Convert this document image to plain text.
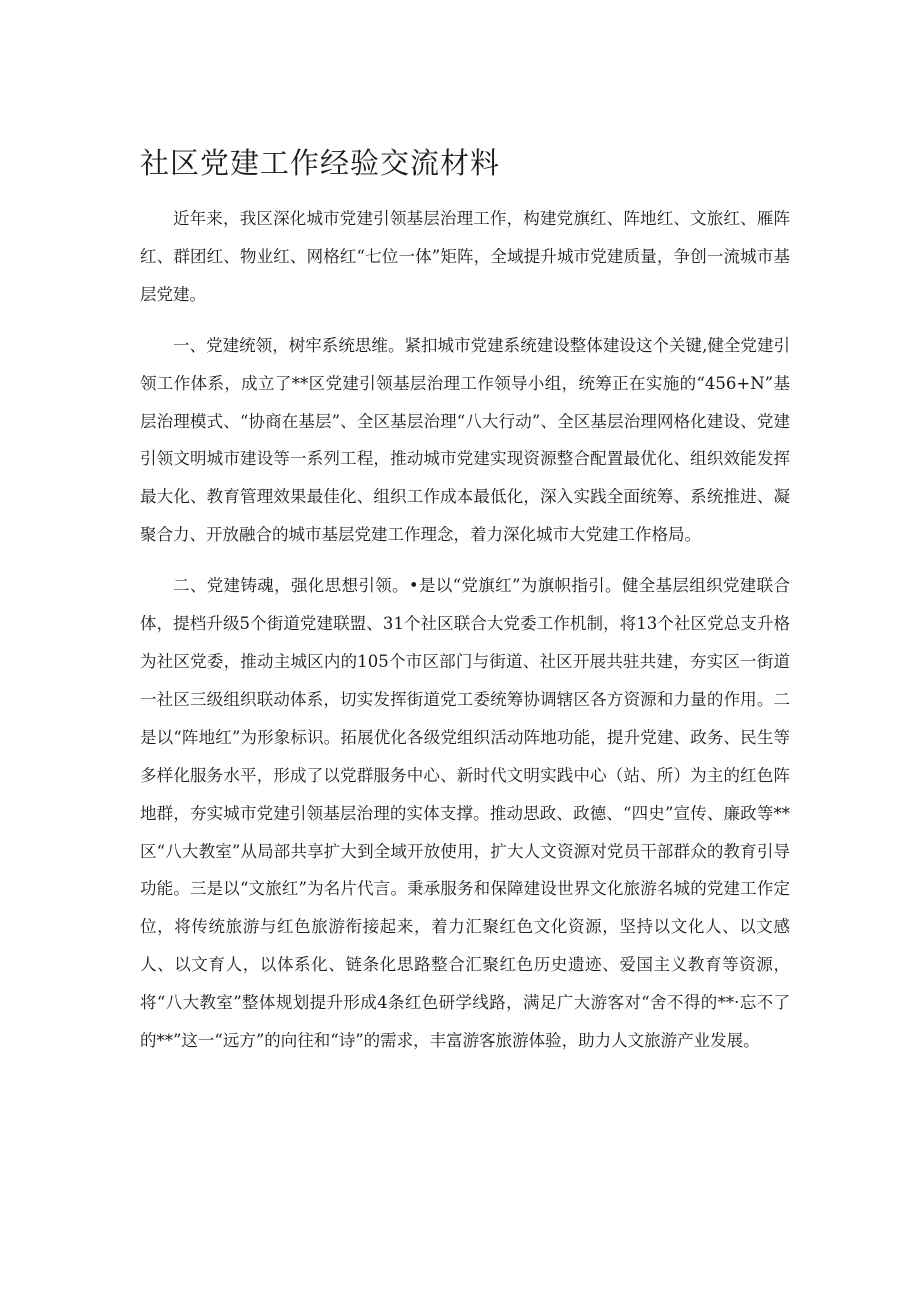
社区党建工作经验交流材料

近年来，我区深化城市党建引领基层治理工作，构建党旗红、阵地红、文旅红、雁阵红、群团红、物业红、网格红“七位一体”矩阵，全域提升城市党建质量，争创一流城市基层党建。

一、党建统领，树牢系统思维。紧扣城市党建系统建设整体建设这个关键,健全党建引领工作体系，成立了**区党建引领基层治理工作领导小组，统筹正在实施的“456+N”基层治理模式、“协商在基层”、全区基层治理“八大行动”、全区基层治理网格化建设、党建引领文明城市建设等一系列工程，推动城市党建实现资源整合配置最优化、组织效能发挥最大化、教育管理效果最佳化、组织工作成本最低化，深入实践全面统筹、系统推进、凝聚合力、开放融合的城市基层党建工作理念，着力深化城市大党建工作格局。

二、党建铸魂，强化思想引领。•是以“党旗红”为旗帜指引。健全基层组织党建联合体，提档升级5个街道党建联盟、31个社区联合大党委工作机制，将13个社区党总支升格为社区党委，推动主城区内的105个市区部门与街道、社区开展共驻共建，夯实区一街道一社区三级组织联动体系，切实发挥街道党工委统筹协调辖区各方资源和力量的作用。二是以“阵地红”为形象标识。拓展优化各级党组织活动阵地功能，提升党建、政务、民生等多样化服务水平，形成了以党群服务中心、新时代文明实践中心（站、所）为主的红色阵地群，夯实城市党建引领基层治理的实体支撑。推动思政、政德、“四史”宣传、廉政等**区“八大教室”从局部共享扩大到全域开放使用，扩大人文资源对党员干部群众的教育引导功能。三是以“文旅红”为名片代言。秉承服务和保障建设世界文化旅游名城的党建工作定位，将传统旅游与红色旅游衔接起来，着力汇聚红色文化资源，坚持以文化人、以文感人、以文育人，以体系化、链条化思路整合汇聚红色历史遗迹、爱国主义教育等资源，将“八大教室”整体规划提升形成4条红色研学线路，满足广大游客对“舍不得的**·忘不了的**”这一“远方”的向往和“诗”的需求，丰富游客旅游体验，助力人文旅游产业发展。
